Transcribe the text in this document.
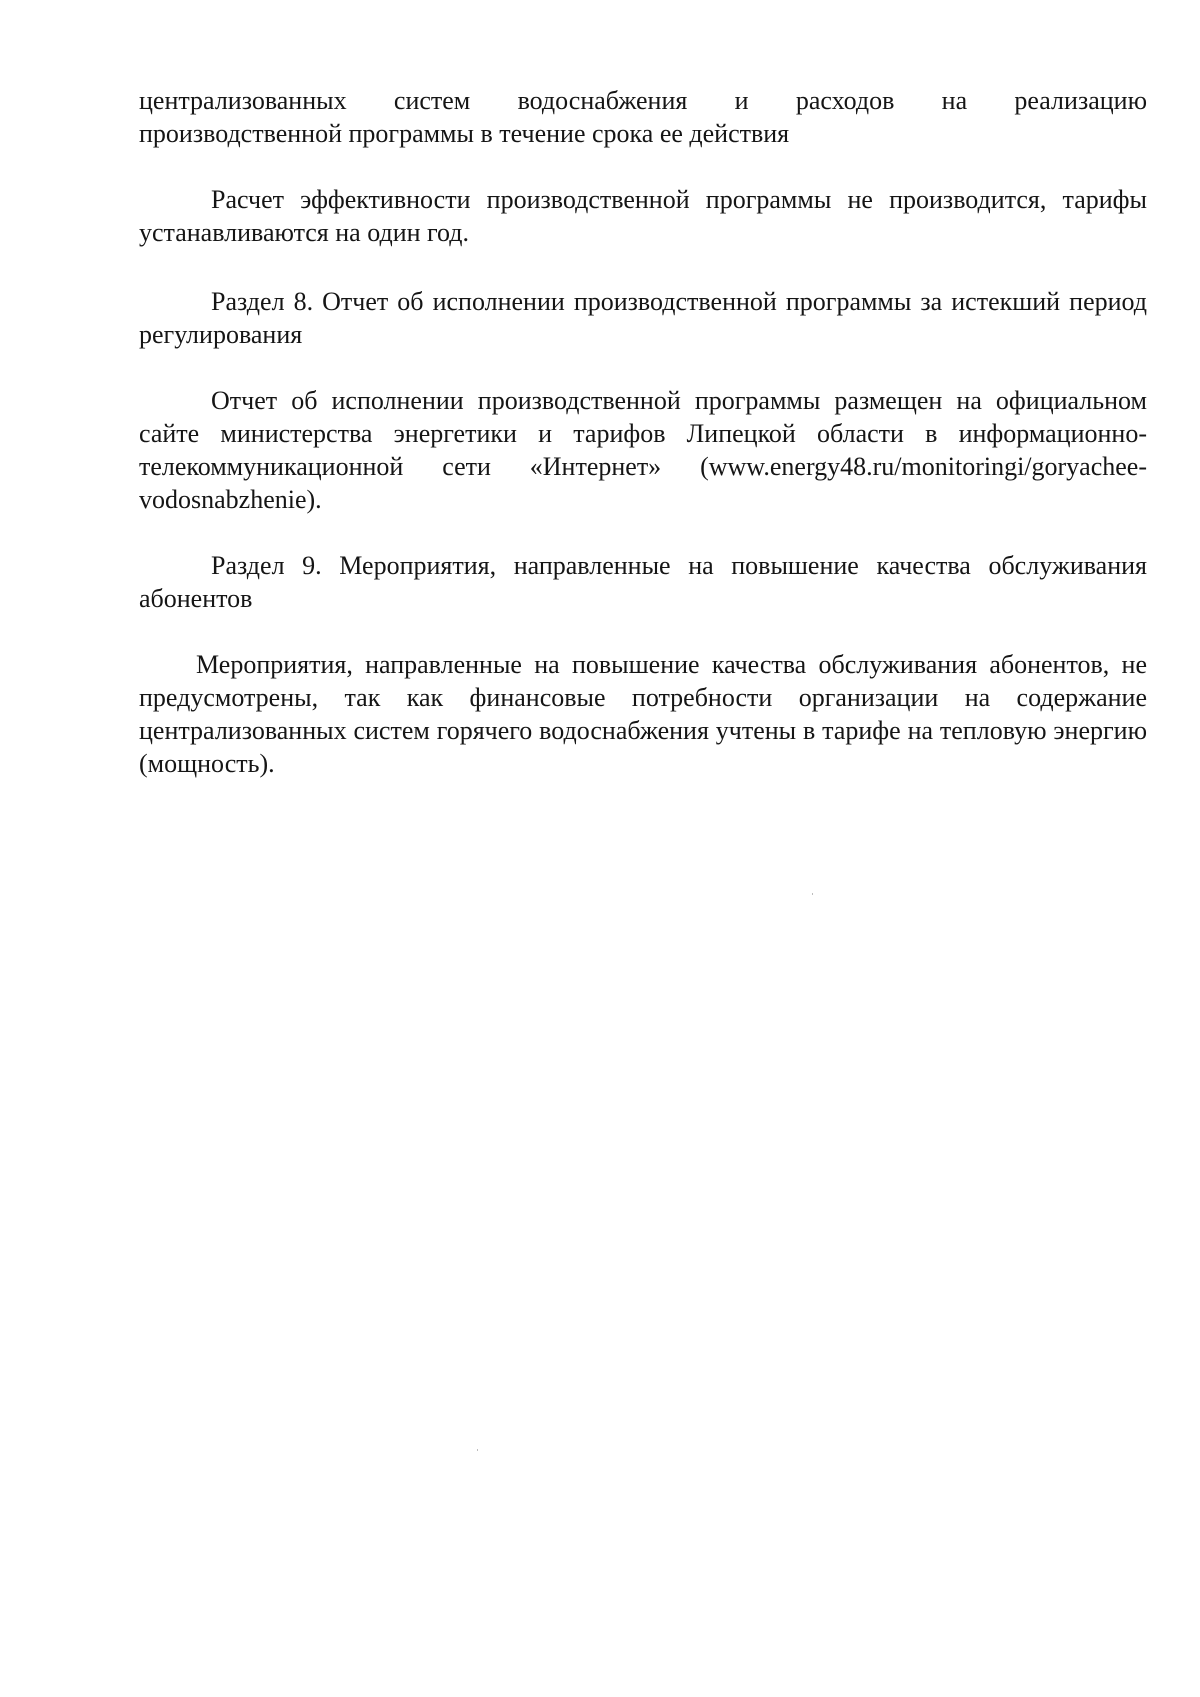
централизованных систем водоснабжения и расходов на реализацию

производственной программы в течение срока ее действия

Расчет эффективности производственной программы не производится, тарифы устанавливаются на один год.

Раздел 8. Отчет об исполнении производственной программы за истекший период регулирования

Отчет об исполнении производственной программы размещен на официальном сайте министерства энергетики и тарифов Липецкой области в информационно-телекоммуникационной сети «Интернет» (www.energy48.ru/monitoringi/goryachee-vodosnabzhenie).

Раздел 9. Мероприятия, направленные на повышение качества обслуживания абонентов

Мероприятия, направленные на повышение качества обслуживания абонентов, не предусмотрены, так как финансовые потребности организации на содержание централизованных систем горячего водоснабжения учтены в тарифе на тепловую энергию (мощность).
